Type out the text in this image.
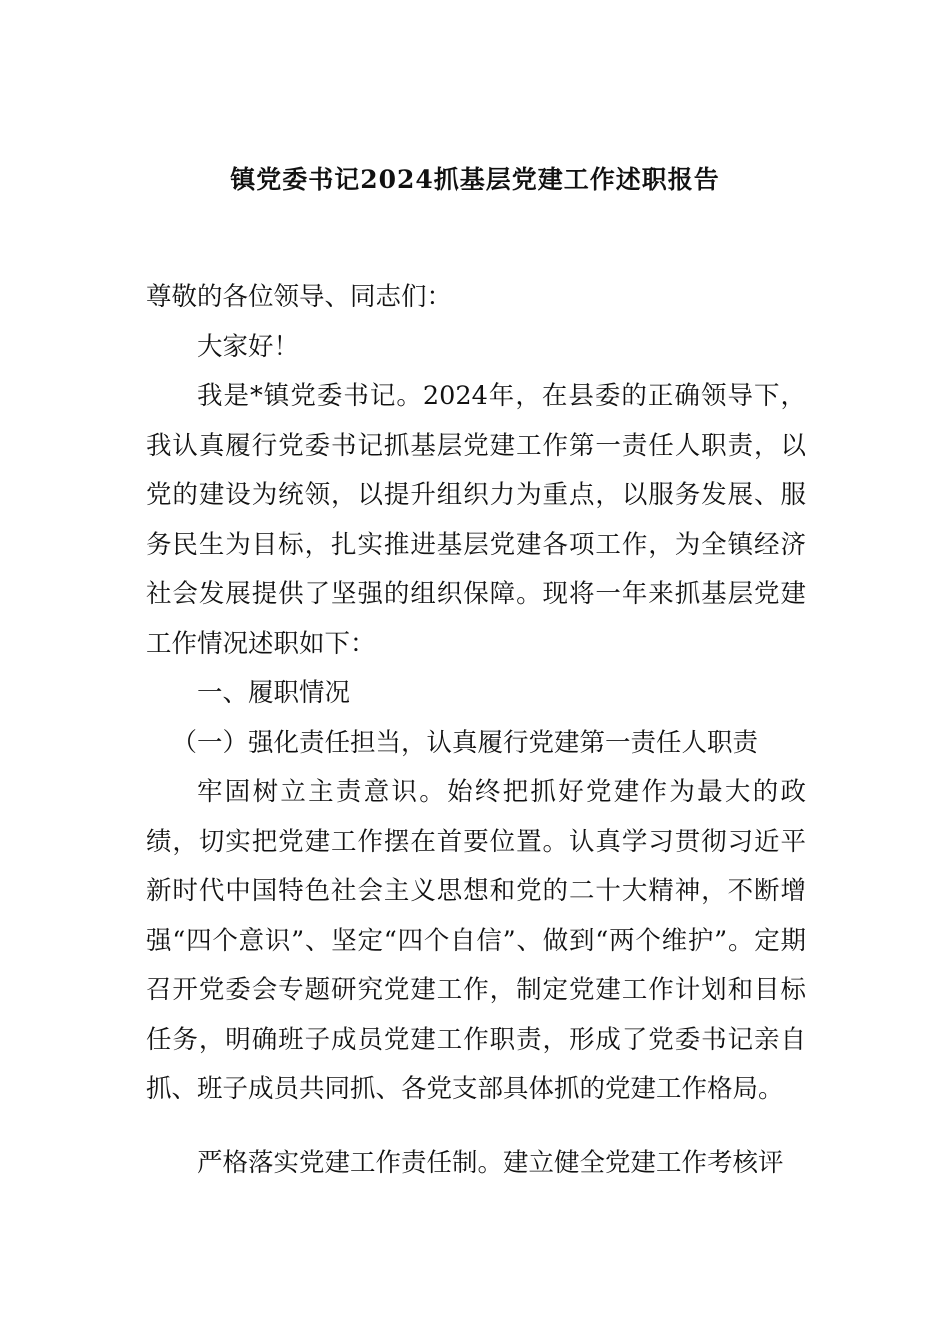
镇党委书记2024抓基层党建工作述职报告

尊敬的各位领导、同志们：

大家好！

我是*镇党委书记。2024年，在县委的正确领导下，我认真履行党委书记抓基层党建工作第一责任人职责，以党的建设为统领，以提升组织力为重点，以服务发展、服务民生为目标，扎实推进基层党建各项工作，为全镇经济社会发展提供了坚强的组织保障。现将一年来抓基层党建工作情况述职如下：

一、履职情况

（一）强化责任担当，认真履行党建第一责任人职责

牢固树立主责意识。始终把抓好党建作为最大的政绩，切实把党建工作摆在首要位置。认真学习贯彻习近平新时代中国特色社会主义思想和党的二十大精神，不断增强“四个意识”、坚定“四个自信”、做到“两个维护”。定期召开党委会专题研究党建工作，制定党建工作计划和目标任务，明确班子成员党建工作职责，形成了党委书记亲自抓、班子成员共同抓、各党支部具体抓的党建工作格局。

严格落实党建工作责任制。建立健全党建工作考核评
